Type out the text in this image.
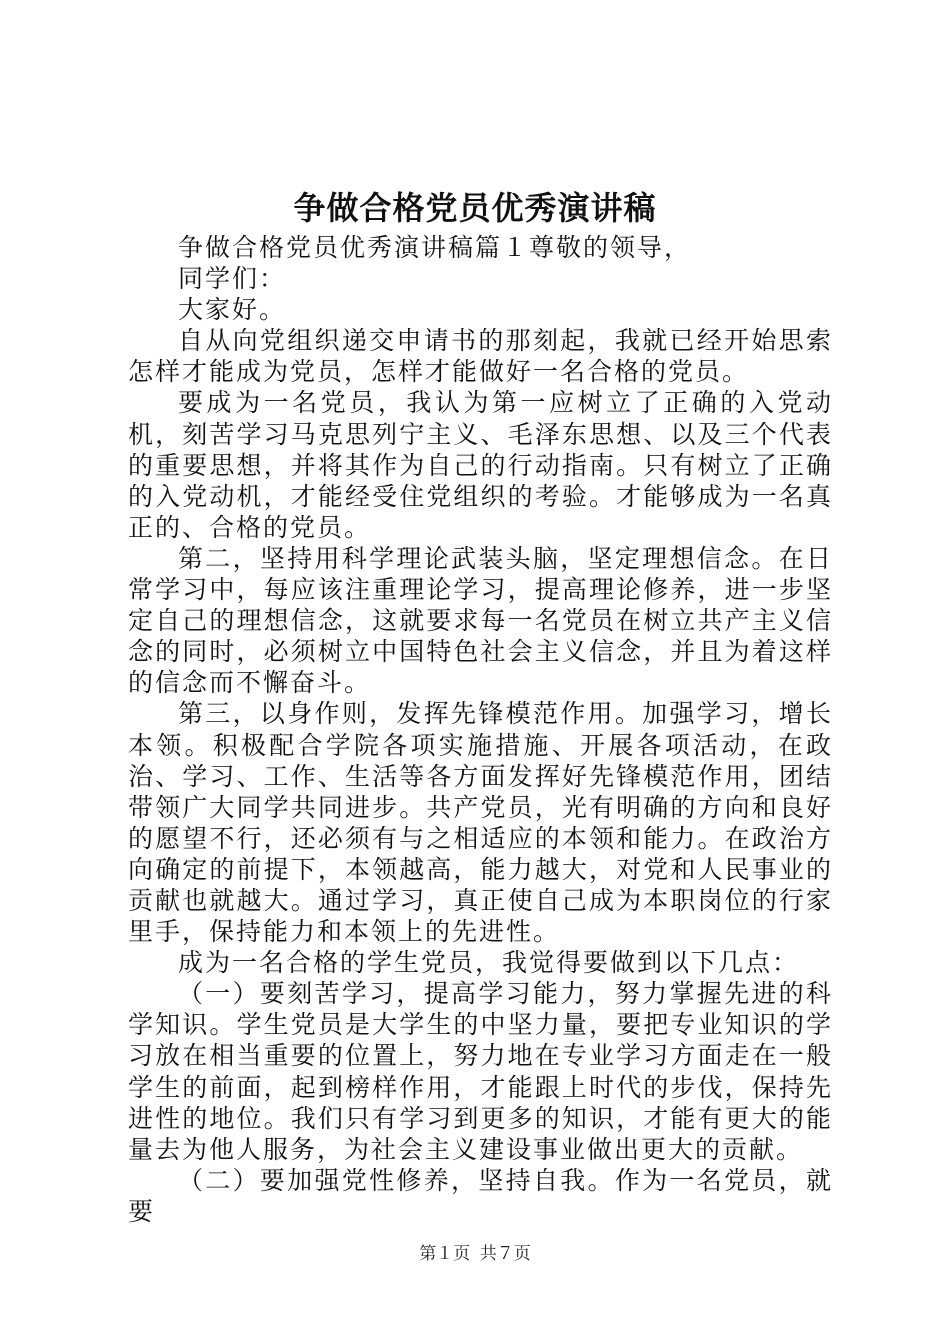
争做合格党员优秀演讲稿

争做合格党员优秀演讲稿篇１尊敬的领导，

同学们：

大家好。

自从向党组织递交申请书的那刻起，我就已经开始思索怎样才能成为党员，怎样才能做好一名合格的党员。

要成为一名党员，我认为第一应树立了正确的入党动机，刻苦学习马克思列宁主义、毛泽东思想、以及三个代表的重要思想，并将其作为自己的行动指南。只有树立了正确的入党动机，才能经受住党组织的考验。才能够成为一名真正的、合格的党员。

第二，坚持用科学理论武装头脑，坚定理想信念。在日常学习中，每应该注重理论学习，提高理论修养，进一步坚定自己的理想信念，这就要求每一名党员在树立共产主义信念的同时，必须树立中国特色社会主义信念，并且为着这样的信念而不懈奋斗。

第三，以身作则，发挥先锋模范作用。加强学习，增长本领。积极配合学院各项实施措施、开展各项活动，在政治、学习、工作、生活等各方面发挥好先锋模范作用，团结带领广大同学共同进步。共产党员，光有明确的方向和良好的愿望不行，还必须有与之相适应的本领和能力。在政治方向确定的前提下，本领越高，能力越大，对党和人民事业的贡献也就越大。通过学习，真正使自己成为本职岗位的行家里手，保持能力和本领上的先进性。

成为一名合格的学生党员，我觉得要做到以下几点：

（一）要刻苦学习，提高学习能力，努力掌握先进的科学知识。学生党员是大学生的中坚力量，要把专业知识的学习放在相当重要的位置上，努力地在专业学习方面走在一般学生的前面，起到榜样作用，才能跟上时代的步伐，保持先进性的地位。我们只有学习到更多的知识，才能有更大的能量去为他人服务，为社会主义建设事业做出更大的贡献。

（二）要加强党性修养，坚持自我。作为一名党员，就要

第１页 共７页
